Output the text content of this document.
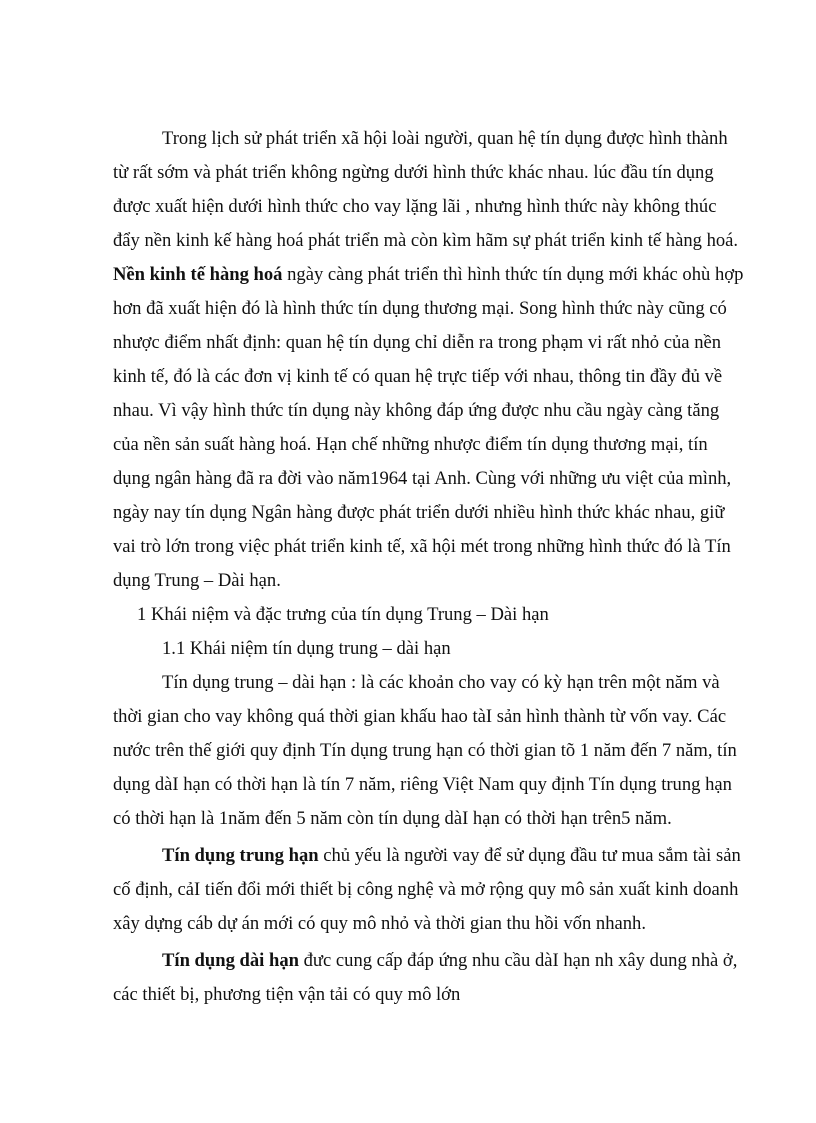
Trong lịch sử phát triển xã hội loài người, quan hệ tín dụng được hình thành
từ rất sớm và phát triển không ngừng dưới hình thức khác nhau. lúc đầu tín dụng
được xuất hiện dưới hình thức cho vay lặng lãi , nhưng hình thức này không thúc
đẩy nền kinh kế hàng hoá phát triển mà còn kìm hãm sự phát triển kinh tế hàng hoá.
Nền kinh tế hàng hoá ngày càng phát triển thì hình thức tín dụng mới khác ohù hợp
hơn đã xuất hiện đó là hình thức tín dụng thương mại. Song hình thức này cũng có
nhược điểm nhất định: quan hệ tín dụng chỉ diễn ra trong phạm vi rất nhỏ của nền
kinh tế, đó là các đơn vị kinh tế có quan hệ trực tiếp với nhau, thông tin đầy đủ về
nhau. Vì vậy hình thức tín dụng này không đáp ứng được nhu cầu ngày càng tăng
của nền sản suất hàng hoá. Hạn chế những nhược điểm tín dụng thương mại, tín
dụng ngân hàng đã ra đời vào năm1964 tại Anh. Cùng với những ưu việt của mình,
ngày nay tín dụng Ngân hàng được phát triển dưới nhiều hình thức khác nhau, giữ
vai trò lớn trong việc phát triển kinh tế, xã hội mét trong những hình thức đó là Tín
dụng Trung – Dài hạn.
1 Khái niệm và đặc trưng của tín dụng Trung – Dài hạn
1.1 Khái niệm tín dụng trung – dài hạn
Tín dụng trung – dài hạn : là các khoản cho vay có kỳ hạn trên một năm và
thời gian cho vay không quá thời gian khấu hao tàI sản hình thành từ vốn vay. Các
nước trên thế giới quy định Tín dụng trung hạn có thời gian tõ 1 năm đến 7 năm, tín
dụng dàI hạn có thời hạn là tín 7 năm, riêng Việt Nam quy định Tín dụng trung hạn
có thời hạn là 1năm đến 5 năm còn tín dụng dàI hạn có thời hạn trên5 năm.
Tín dụng trung hạn chủ yếu là người vay để sử dụng đầu tư mua sắm tài sản
cố định, cảI tiến đổi mới thiết bị công nghệ và mở rộng quy mô sản xuất kinh doanh
xây dựng cáb dự án mới có quy mô nhỏ và thời gian thu hồi vốn nhanh.
Tín dụng dài hạn đưc cung cấp đáp ứng nhu cầu dàI hạn nh xây dung nhà ở,
các thiết bị, phương tiện vận tải có quy mô lớn
